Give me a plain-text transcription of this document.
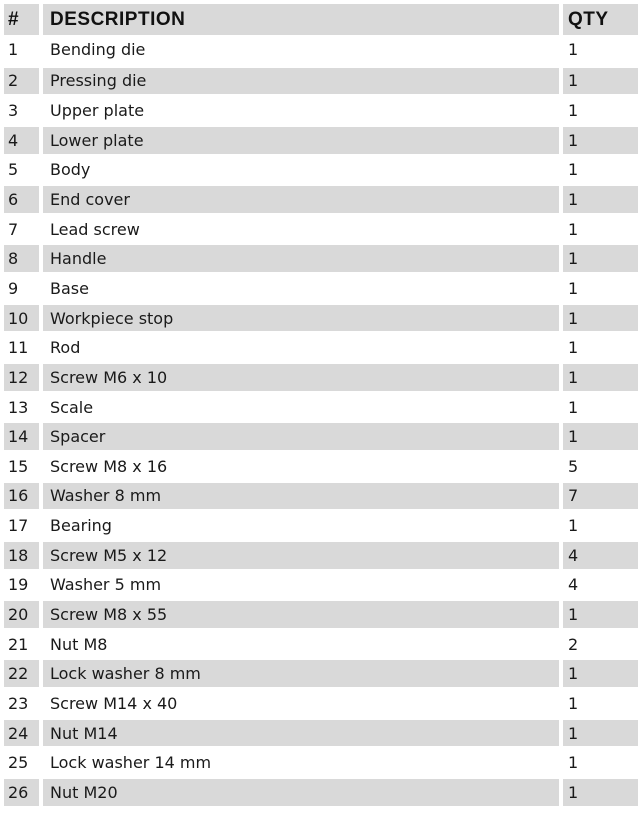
#	DESCRIPTION	QTY
1	Bending die	1
2	Pressing die	1
3	Upper plate	1
4	Lower plate	1
5	Body	1
6	End cover	1
7	Lead screw	1
8	Handle	1
9	Base	1
10	Workpiece stop	1
11	Rod	1
12	Screw M6 x 10	1
13	Scale	1
14	Spacer	1
15	Screw M8 x 16	5
16	Washer 8 mm	7
17	Bearing	1
18	Screw M5 x 12	4
19	Washer 5 mm	4
20	Screw M8 x 55	1
21	Nut M8	2
22	Lock washer 8 mm	1
23	Screw M14 x 40	1
24	Nut M14	1
25	Lock washer 14 mm	1
26	Nut M20	1
